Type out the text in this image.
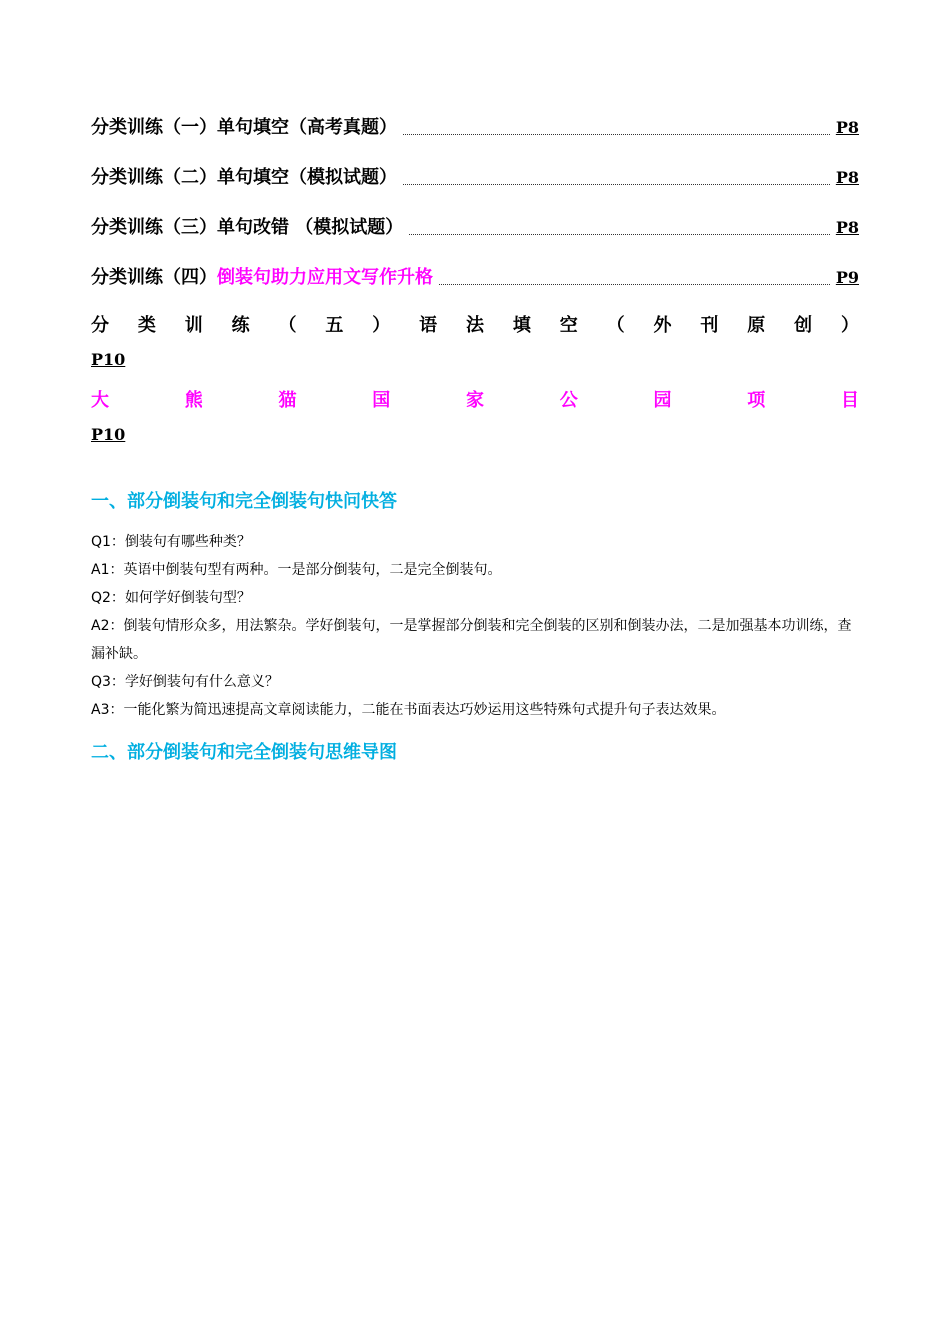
分类训练（一）单句填空（高考真题）	P8
分类训练（二）单句填空（模拟试题）	P8
分类训练（三）单句改错 （模拟试题）	P8
分类训练（四）倒装句助力应用文写作升格	P9
分 类 训 练 （ 五 ） 语 法 填 空 （ 外 刊 原 创 ）
P10
大	熊	猫	国	家	公	园	项	目
P10
一、部分倒装句和完全倒装句快问快答
Q1：倒装句有哪些种类？
A1：英语中倒装句型有两种。一是部分倒装句，二是完全倒装句。
Q2：如何学好倒装句型？
A2：倒装句情形众多，用法繁杂。学好倒装句，一是掌握部分倒装和完全倒装的区别和倒装办法，二是加强基本功训练，查漏补缺。
Q3：学好倒装句有什么意义？
A3：一能化繁为简迅速提高文章阅读能力，二能在书面表达巧妙运用这些特殊句式提升句子表达效果。
二、部分倒装句和完全倒装句思维导图
